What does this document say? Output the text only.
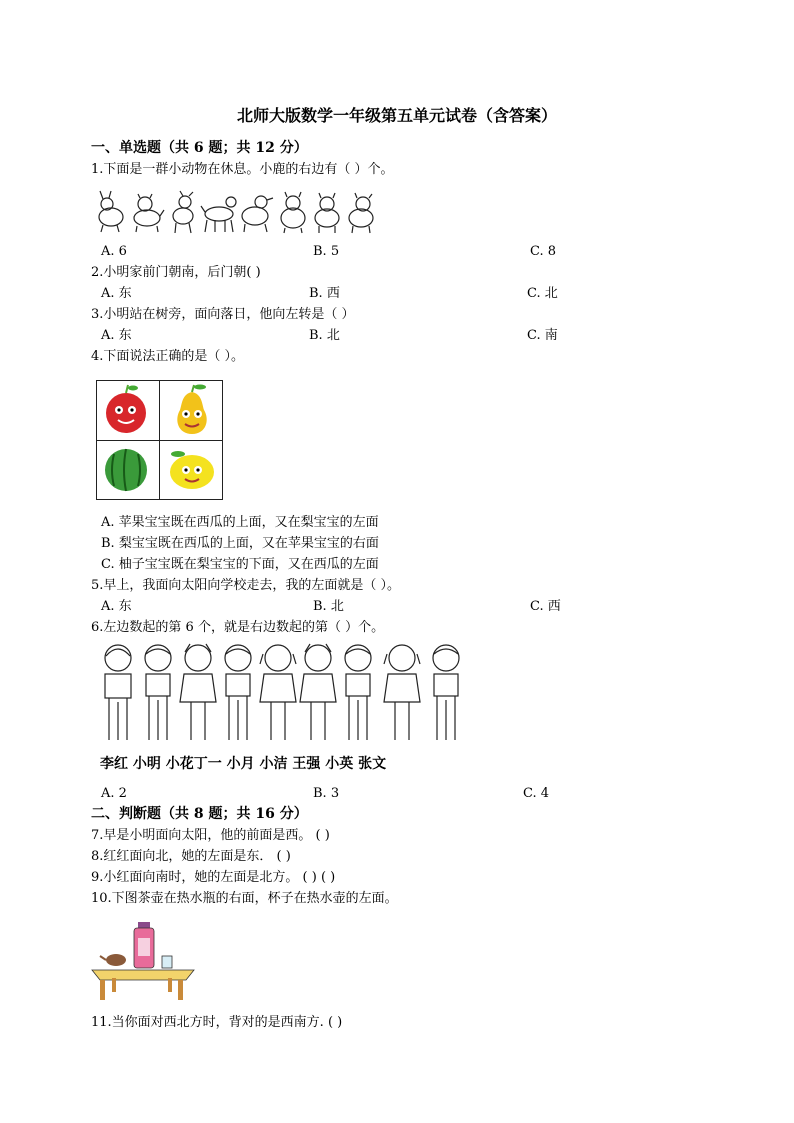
北师大版数学一年级第五单元试卷（含答案）
一、单选题（共 6 题；共 12 分）
1.下面是一群小动物在休息。小鹿的右边有（ ）个。
A. 6	B. 5	C. 8
2.小明家前门朝南，后门朝( )
A. 东	B. 西	C. 北
3.小明站在树旁，面向落日，他向左转是（ ）
A. 东	B. 北	C. 南
4.下面说法正确的是（ ）。
A. 苹果宝宝既在西瓜的上面，又在梨宝宝的左面
B. 梨宝宝既在西瓜的上面，又在苹果宝宝的右面
C. 柚子宝宝既在梨宝宝的下面，又在西瓜的左面
5.早上，我面向太阳向学校走去，我的左面就是（ ）。
A. 东	B. 北	C. 西
6.左边数起的第 6 个，就是右边数起的第（ ）个。
李红 小明 小花丁一 小月 小洁 王强 小英 张文
A. 2	B. 3	C. 4
二、判断题（共 8 题；共 16 分）
7.早是小明面向太阳，他的前面是西。 ( )
8.红红面向北，她的左面是东． ( )
9.小红面向南时，她的左面是北方。 ( ) ( )
10.下图茶壶在热水瓶的右面，杯子在热水壶的左面。
11.当你面对西北方时，背对的是西南方. ( )
